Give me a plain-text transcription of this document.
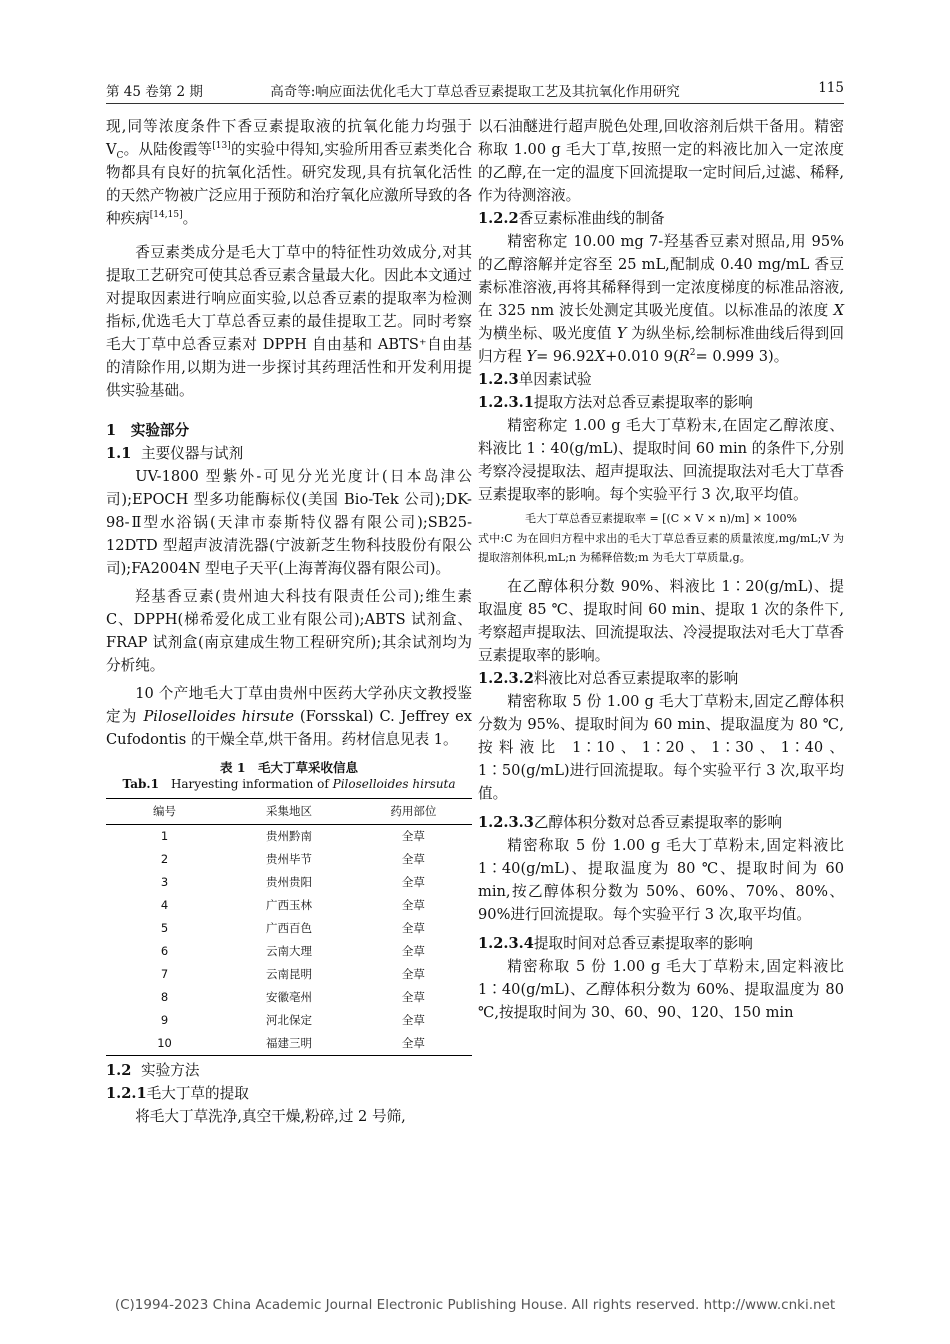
第 45 卷第 2 期	高奇等:响应面法优化毛大丁草总香豆素提取工艺及其抗氧化作用研究	115

现,同等浓度条件下香豆素提取液的抗氧化能力均强于 $V_C$。从陆俊霞等[13]的实验中得知,实验所用香豆素类化合物都具有良好的抗氧化活性。研究发现,具有抗氧化活性的天然产物被广泛应用于预防和治疗氧化应激所导致的各种疾病[14,15]。

香豆素类成分是毛大丁草中的特征性功效成分,对其提取工艺研究可使其总香豆素含量最大化。因此本文通过对提取因素进行响应面实验,以总香豆素的提取率为检测指标,优选毛大丁草总香豆素的最佳提取工艺。同时考察毛大丁草中总香豆素对 DPPH 自由基和 ABTS⁺自由基的清除作用,以期为进一步探讨其药理活性和开发利用提供实验基础。

1　实验部分

1.1 主要仪器与试剂

UV-1800 型紫外-可见分光光度计(日本岛津公司);EPOCH 型多功能酶标仪(美国 Bio-Tek 公司);DK-98-Ⅱ型水浴锅(天津市泰斯特仪器有限公司);SB25-12DTD 型超声波清洗器(宁波新芝生物科技股份有限公司);FA2004N 型电子天平(上海菁海仪器有限公司)。

羟基香豆素(贵州迪大科技有限责任公司);维生素 C、DPPH(梯希爱化成工业有限公司);ABTS 试剂盒、FRAP 试剂盒(南京建成生物工程研究所);其余试剂均为分析纯。

10 个产地毛大丁草由贵州中医药大学孙庆文教授鉴定为 Piloselloides hirsute (Forsskal) C. Jeffrey ex Cufodontis 的干燥全草,烘干备用。药材信息见表 1。

表 1　毛大丁草采收信息
Tab.1　Haryesting information of Piloselloides hirsuta
编号	采集地区	药用部位
1	贵州黔南	全草
2	贵州毕节	全草
3	贵州贵阳	全草
4	广西玉林	全草
5	广西百色	全草
6	云南大理	全草
7	云南昆明	全草
8	安徽亳州	全草
9	河北保定	全草
10	福建三明	全草

1.2 实验方法

1.2.1毛大丁草的提取

将毛大丁草洗净,真空干燥,粉碎,过 2 号筛,

以石油醚进行超声脱色处理,回收溶剂后烘干备用。精密称取 1.00 g 毛大丁草,按照一定的料液比加入一定浓度的乙醇,在一定的温度下回流提取一定时间后,过滤、稀释,作为待测溶液。

1.2.2香豆素标准曲线的制备

精密称定 10.00 mg 7-羟基香豆素对照品,用 95%的乙醇溶解并定容至 25 mL,配制成 0.40 mg/mL 香豆素标准溶液,再将其稀释得到一定浓度梯度的标准品溶液,在 325 nm 波长处测定其吸光度值。以标准品的浓度 X 为横坐标、吸光度值 Y 为纵坐标,绘制标准曲线后得到回归方程 Y= 96.92X+0.010 $9(R^2= 0.999$ 3)。

1.2.3单因素试验

1.2.3.1提取方法对总香豆素提取率的影响

精密称定 1.00 g 毛大丁草粉末,在固定乙醇浓度、料液比 1∶40(g/mL)、提取时间 60 min 的条件下,分别考察冷浸提取法、超声提取法、回流提取法对毛大丁草香豆素提取率的影响。每个实验平行 3 次,取平均值。

毛大丁草总香豆素提取率 = [(C × V × n)/m] × 100%
式中:C 为在回归方程中求出的毛大丁草总香豆素的质量浓度,mg/mL;V 为提取溶剂体积,mL;n 为稀释倍数;m 为毛大丁草质量,g。

在乙醇体积分数 90%、料液比 1∶20(g/mL)、提取温度 85 ℃、提取时间 60 min、提取 1 次的条件下,考察超声提取法、回流提取法、冷浸提取法对毛大丁草香豆素提取率的影响。

1.2.3.2料液比对总香豆素提取率的影响

精密称取 5 份 1.00 g 毛大丁草粉末,固定乙醇体积分数为 95%、提取时间为 60 min、提取温度为 80 ℃,按料液比 1∶10、1∶20、1∶30、1∶40、1∶50(g/mL)进行回流提取。每个实验平行 3 次,取平均值。

1.2.3.3乙醇体积分数对总香豆素提取率的影响

精密称取 5 份 1.00 g 毛大丁草粉末,固定料液比 1∶40(g/mL)、提取温度为 80 ℃、提取时间为 60 min,按乙醇体积分数为 50%、60%、70%、80%、90%进行回流提取。每个实验平行 3 次,取平均值。

1.2.3.4提取时间对总香豆素提取率的影响

精密称取 5 份 1.00 g 毛大丁草粉末,固定料液比 1∶40(g/mL)、乙醇体积分数为 60%、提取温度为 80 ℃,按提取时间为 30、60、90、120、150 min

(C)1994-2023 China Academic Journal Electronic Publishing House. All rights reserved. http://www.cnki.net
